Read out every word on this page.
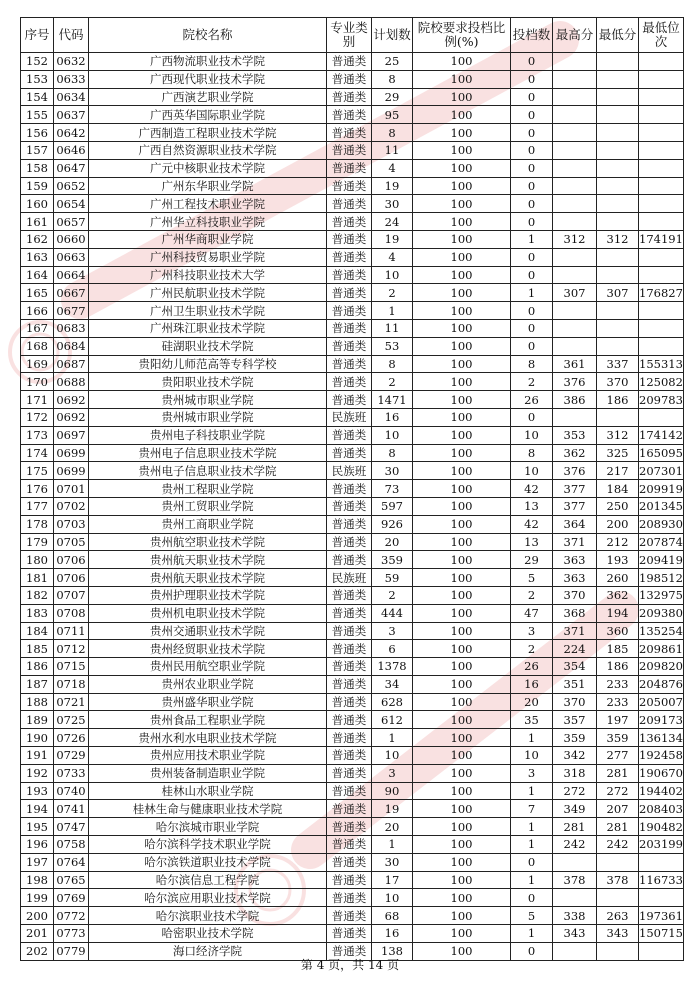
序号	代码	院校名称	专业类别	计划数	院校要求投档比例(%)	投档数	最高分	最低分	最低位次
152	0632	广西物流职业技术学院	普通类	25	100	0			
153	0633	广西现代职业技术学院	普通类	8	100	0			
154	0634	广西演艺职业学院	普通类	29	100	0			
155	0637	广西英华国际职业学院	普通类	95	100	0			
156	0642	广西制造工程职业技术学院	普通类	8	100	0			
157	0646	广西自然资源职业技术学院	普通类	11	100	0			
158	0647	广元中核职业技术学院	普通类	4	100	0			
159	0652	广州东华职业学院	普通类	19	100	0			
160	0654	广州工程技术职业学院	普通类	30	100	0			
161	0657	广州华立科技职业学院	普通类	24	100	0			
162	0660	广州华商职业学院	普通类	19	100	1	312	312	174191
163	0663	广州科技贸易职业学院	普通类	4	100	0			
164	0664	广州科技职业技术大学	普通类	10	100	0			
165	0667	广州民航职业技术学院	普通类	2	100	1	307	307	176827
166	0677	广州卫生职业技术学院	普通类	1	100	0			
167	0683	广州珠江职业技术学院	普通类	11	100	0			
168	0684	硅湖职业技术学院	普通类	53	100	0			
169	0687	贵阳幼儿师范高等专科学校	普通类	8	100	8	361	337	155313
170	0688	贵阳职业技术学院	普通类	2	100	2	376	370	125082
171	0692	贵州城市职业学院	普通类	1471	100	26	386	186	209783
172	0692	贵州城市职业学院	民族班	16	100	0			
173	0697	贵州电子科技职业学院	普通类	10	100	10	353	312	174142
174	0699	贵州电子信息职业技术学院	普通类	8	100	8	362	325	165095
175	0699	贵州电子信息职业技术学院	民族班	30	100	10	376	217	207301
176	0701	贵州工程职业学院	普通类	73	100	42	377	184	209919
177	0702	贵州工贸职业学院	普通类	597	100	13	377	250	201345
178	0703	贵州工商职业学院	普通类	926	100	42	364	200	208930
179	0705	贵州航空职业技术学院	普通类	20	100	13	371	212	207874
180	0706	贵州航天职业技术学院	普通类	359	100	29	363	193	209419
181	0706	贵州航天职业技术学院	民族班	59	100	5	363	260	198512
182	0707	贵州护理职业技术学院	普通类	2	100	2	370	362	132975
183	0708	贵州机电职业技术学院	普通类	444	100	47	368	194	209380
184	0711	贵州交通职业技术学院	普通类	3	100	3	371	360	135254
185	0712	贵州经贸职业技术学院	普通类	6	100	2	224	185	209861
186	0715	贵州民用航空职业学院	普通类	1378	100	26	354	186	209820
187	0718	贵州农业职业学院	普通类	34	100	16	351	233	204876
188	0721	贵州盛华职业学院	普通类	628	100	20	370	233	205007
189	0725	贵州食品工程职业学院	普通类	612	100	35	357	197	209173
190	0726	贵州水利水电职业技术学院	普通类	1	100	1	359	359	136134
191	0729	贵州应用技术职业学院	普通类	10	100	10	342	277	192458
192	0733	贵州装备制造职业学院	普通类	3	100	3	318	281	190670
193	0740	桂林山水职业学院	普通类	90	100	1	272	272	194402
194	0741	桂林生命与健康职业技术学院	普通类	19	100	7	349	207	208403
195	0747	哈尔滨城市职业学院	普通类	20	100	1	281	281	190482
196	0758	哈尔滨科学技术职业学院	普通类	1	100	1	242	242	203199
197	0764	哈尔滨铁道职业技术学院	普通类	30	100	0			
198	0765	哈尔滨信息工程学院	普通类	17	100	1	378	378	116733
199	0769	哈尔滨应用职业技术学院	普通类	10	100	0			
200	0772	哈尔滨职业技术学院	普通类	68	100	5	338	263	197361
201	0773	哈密职业技术学院	普通类	16	100	1	343	343	150715
202	0779	海口经济学院	普通类	138	100	0			
第 4 页，共 14 页
